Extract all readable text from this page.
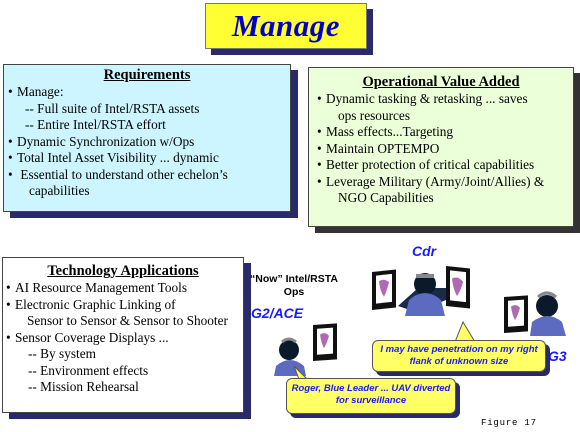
Manage
Requirements
• Manage:
-- Full suite of Intel/RSTA assets
-- Entire Intel/RSTA effort
• Dynamic Synchronization w/Ops
• Total Intel Asset Visibility ... dynamic
• Essential to understand other echelon’s
capabilities
Operational Value Added
• Dynamic tasking & retasking ... saves
ops resources
• Mass effects...Targeting
• Maintain OPTEMPO
• Better protection of critical capabilities
• Leverage Military (Army/Joint/Allies) &
NGO Capabilities
Technology Applications
• AI Resource Management Tools
• Electronic Graphic Linking of
Sensor to Sensor & Sensor to Shooter
• Sensor Coverage Displays ...
-- By system
-- Environment effects
-- Mission Rehearsal
Cdr
“Now” Intel/RSTA Ops
G2/ACE
G3
I may have penetration on my right flank of unknown size
Roger, Blue Leader ... UAV diverted for surveillance
Figure 17
